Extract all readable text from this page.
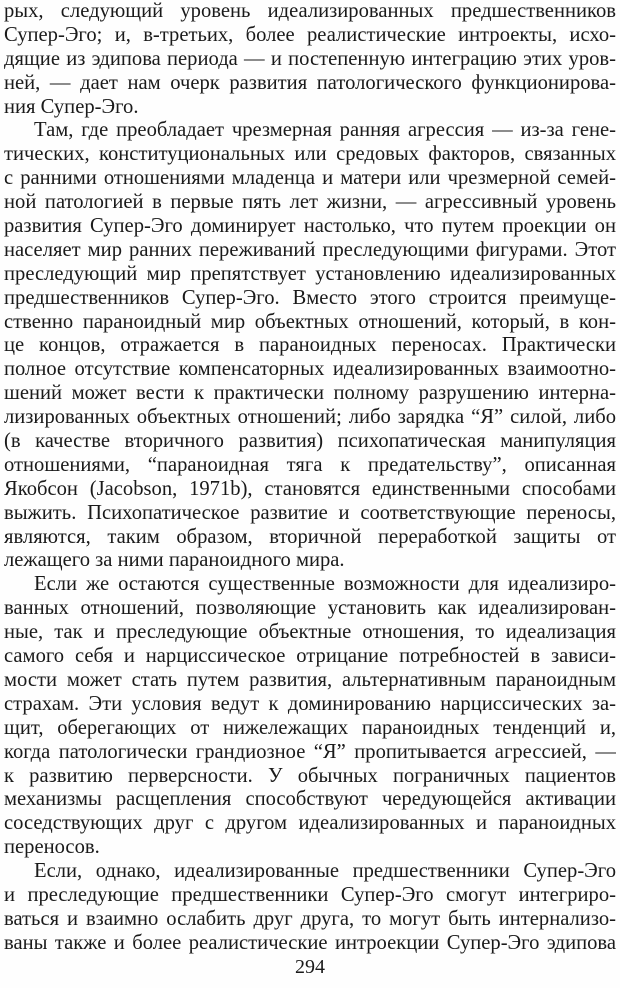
рых, следующий уровень идеализированных предшественников
Супер-Эго; и, в-третьих, более реалистические интроекты, исхо-
дящие из эдипова периода — и постепенную интеграцию этих уров-
ней, — дает нам очерк развития патологического функционирова-
ния Супер-Эго.
Там, где преобладает чрезмерная ранняя агрессия — из-за гене-
тических, конституциональных или средовых факторов, связанных
с ранними отношениями младенца и матери или чрезмерной семей-
ной патологией в первые пять лет жизни, — агрессивный уровень
развития Супер-Эго доминирует настолько, что путем проекции он
населяет мир ранних переживаний преследующими фигурами. Этот
преследующий мир препятствует установлению идеализированных
предшественников Супер-Эго. Вместо этого строится преимуще-
ственно параноидный мир объектных отношений, который, в кон-
це концов, отражается в параноидных переносах. Практически
полное отсутствие компенсаторных идеализированных взаимоотно-
шений может вести к практически полному разрушению интерна-
лизированных объектных отношений; либо зарядка “Я” силой, либо
(в качестве вторичного развития) психопатическая манипуляция
отношениями, “параноидная тяга к предательству”, описанная
Якобсон (Jacobson, 1971b), становятся единственными способами
выжить. Психопатическое развитие и соответствующие переносы,
являются, таким образом, вторичной переработкой защиты от
лежащего за ними параноидного мира.
Если же остаются существенные возможности для идеализиро-
ванных отношений, позволяющие установить как идеализирован-
ные, так и преследующие объектные отношения, то идеализация
самого себя и нарциссическое отрицание потребностей в зависи-
мости может стать путем развития, альтернативным параноидным
страхам. Эти условия ведут к доминированию нарциссических за-
щит, оберегающих от нижележащих параноидных тенденций и,
когда патологически грандиозное “Я” пропитывается агрессией, —
к развитию перверсности. У обычных пограничных пациентов
механизмы расщепления способствуют чередующейся активации
соседствующих друг с другом идеализированных и параноидных
переносов.
Если, однако, идеализированные предшественники Супер-Эго
и преследующие предшественники Супер-Эго смогут интегриро-
ваться и взаимно ослабить друг друга, то могут быть интернализо-
ваны также и более реалистические интроекции Супер-Эго эдипова
294
